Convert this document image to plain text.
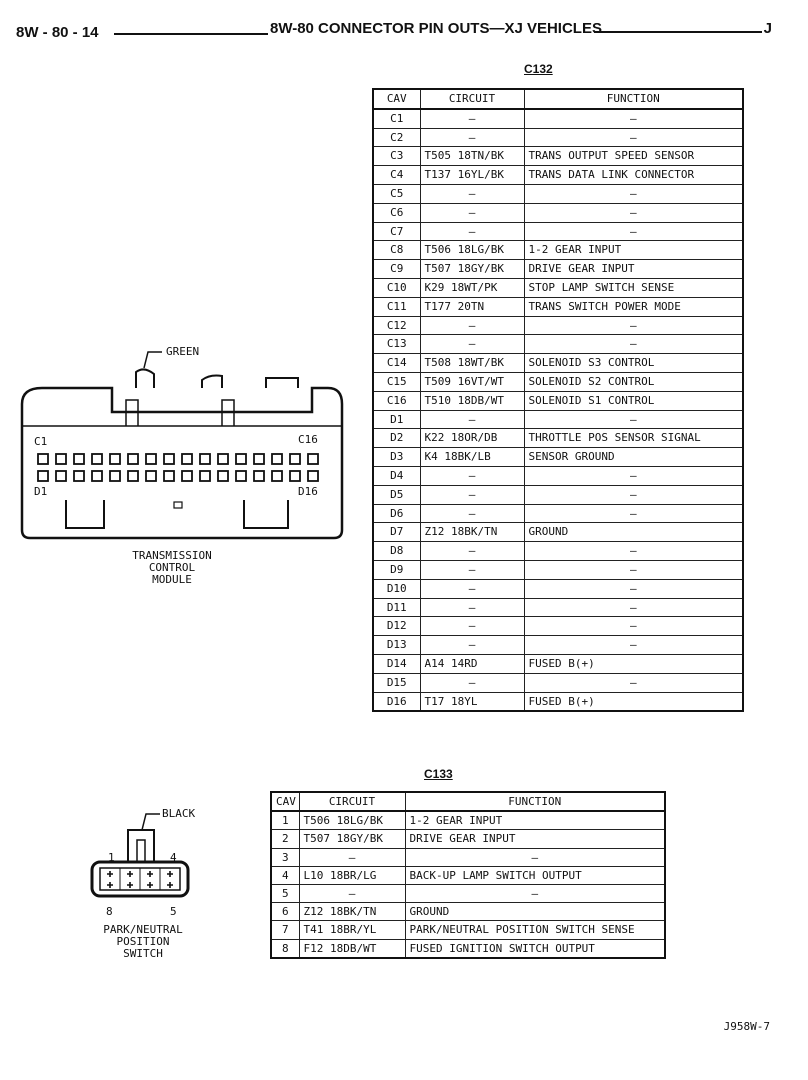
8W - 80 - 14	8W-80 CONNECTOR PIN OUTS—XJ VEHICLES	J
C132
CAV	CIRCUIT	FUNCTION
C1	—	—
C2	—	—
C3	T505 18TN/BK	TRANS OUTPUT SPEED SENSOR
C4	T137 16YL/BK	TRANS DATA LINK CONNECTOR
C5	—	—
C6	—	—
C7	—	—
C8	T506 18LG/BK	1-2 GEAR INPUT
C9	T507 18GY/BK	DRIVE GEAR INPUT
C10	K29 18WT/PK	STOP LAMP SWITCH SENSE
C11	T177 20TN	TRANS SWITCH POWER MODE
C12	—	—
C13	—	—
C14	T508 18WT/BK	SOLENOID S3 CONTROL
C15	T509 16VT/WT	SOLENOID S2 CONTROL
C16	T510 18DB/WT	SOLENOID S1 CONTROL
D1	—	—
D2	K22 18OR/DB	THROTTLE POS SENSOR SIGNAL
D3	K4 18BK/LB	SENSOR GROUND
D4	—	—
D5	—	—
D6	—	—
D7	Z12 18BK/TN	GROUND
D8	—	—
D9	—	—
D10	—	—
D11	—	—
D12	—	—
D13	—	—
D14	A14 14RD	FUSED B(+)
D15	—	—
D16	T17 18YL	FUSED B(+)
GREEN
C1	C16
D1	D16
TRANSMISSION
CONTROL
MODULE
C133
CAV	CIRCUIT	FUNCTION
1	T506 18LG/BK	1-2 GEAR INPUT
2	T507 18GY/BK	DRIVE GEAR INPUT
3	—	—
4	L10 18BR/LG	BACK-UP LAMP SWITCH OUTPUT
5	—	—
6	Z12 18BK/TN	GROUND
7	T41 18BR/YL	PARK/NEUTRAL POSITION SWITCH SENSE
8	F12 18DB/WT	FUSED IGNITION SWITCH OUTPUT
BLACK
1	4
8	5
PARK/NEUTRAL
POSITION
SWITCH
J958W-7
